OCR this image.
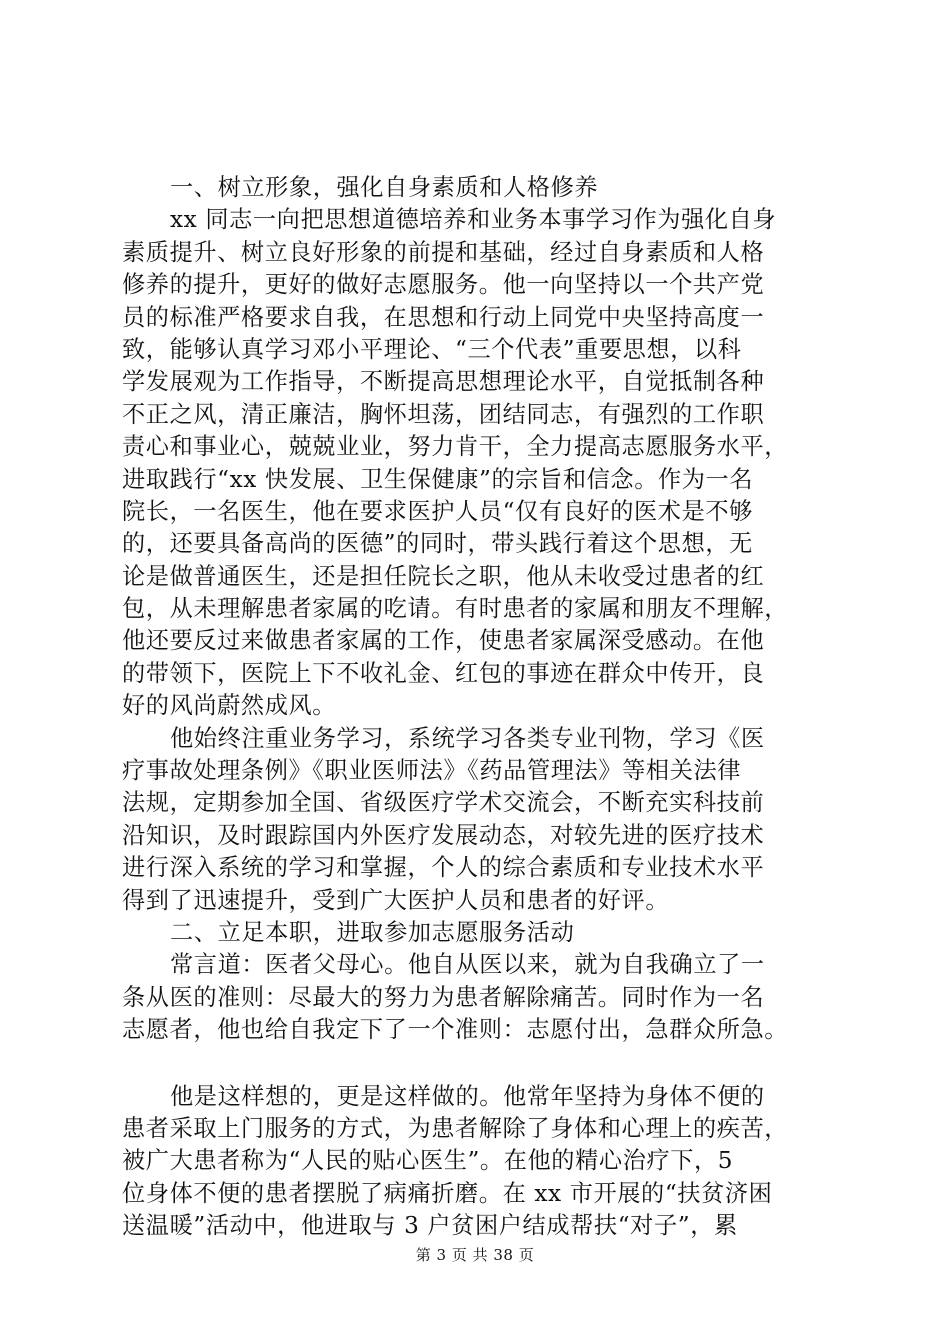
一、树立形象，强化自身素质和人格修养
xx 同志一向把思想道德培养和业务本事学习作为强化自身
素质提升、树立良好形象的前提和基础，经过自身素质和人格
修养的提升，更好的做好志愿服务。他一向坚持以一个共产党
员的标准严格要求自我，在思想和行动上同党中央坚持高度一
致，能够认真学习邓小平理论、“三个代表”重要思想，以科
学发展观为工作指导，不断提高思想理论水平，自觉抵制各种
不正之风，清正廉洁，胸怀坦荡，团结同志，有强烈的工作职
责心和事业心，兢兢业业，努力肯干，全力提高志愿服务水平，
进取践行“xx 快发展、卫生保健康”的宗旨和信念。作为一名
院长，一名医生，他在要求医护人员“仅有良好的医术是不够
的，还要具备高尚的医德”的同时，带头践行着这个思想，无
论是做普通医生，还是担任院长之职，他从未收受过患者的红
包，从未理解患者家属的吃请。有时患者的家属和朋友不理解，
他还要反过来做患者家属的工作，使患者家属深受感动。在他
的带领下，医院上下不收礼金、红包的事迹在群众中传开，良
好的风尚蔚然成风。
他始终注重业务学习，系统学习各类专业刊物，学习《医
疗事故处理条例》《职业医师法》《药品管理法》等相关法律
法规，定期参加全国、省级医疗学术交流会，不断充实科技前
沿知识，及时跟踪国内外医疗发展动态，对较先进的医疗技术
进行深入系统的学习和掌握，个人的综合素质和专业技术水平
得到了迅速提升，受到广大医护人员和患者的好评。
二、立足本职，进取参加志愿服务活动
常言道：医者父母心。他自从医以来，就为自我确立了一
条从医的准则：尽最大的努力为患者解除痛苦。同时作为一名
志愿者，他也给自我定下了一个准则：志愿付出，急群众所急。
他是这样想的，更是这样做的。他常年坚持为身体不便的
患者采取上门服务的方式，为患者解除了身体和心理上的疾苦，
被广大患者称为“人民的贴心医生”。在他的精心治疗下，5
位身体不便的患者摆脱了病痛折磨。在 xx 市开展的“扶贫济困
送温暖”活动中，他进取与 3 户贫困户结成帮扶“对子”，累
第 3 页 共 38 页
